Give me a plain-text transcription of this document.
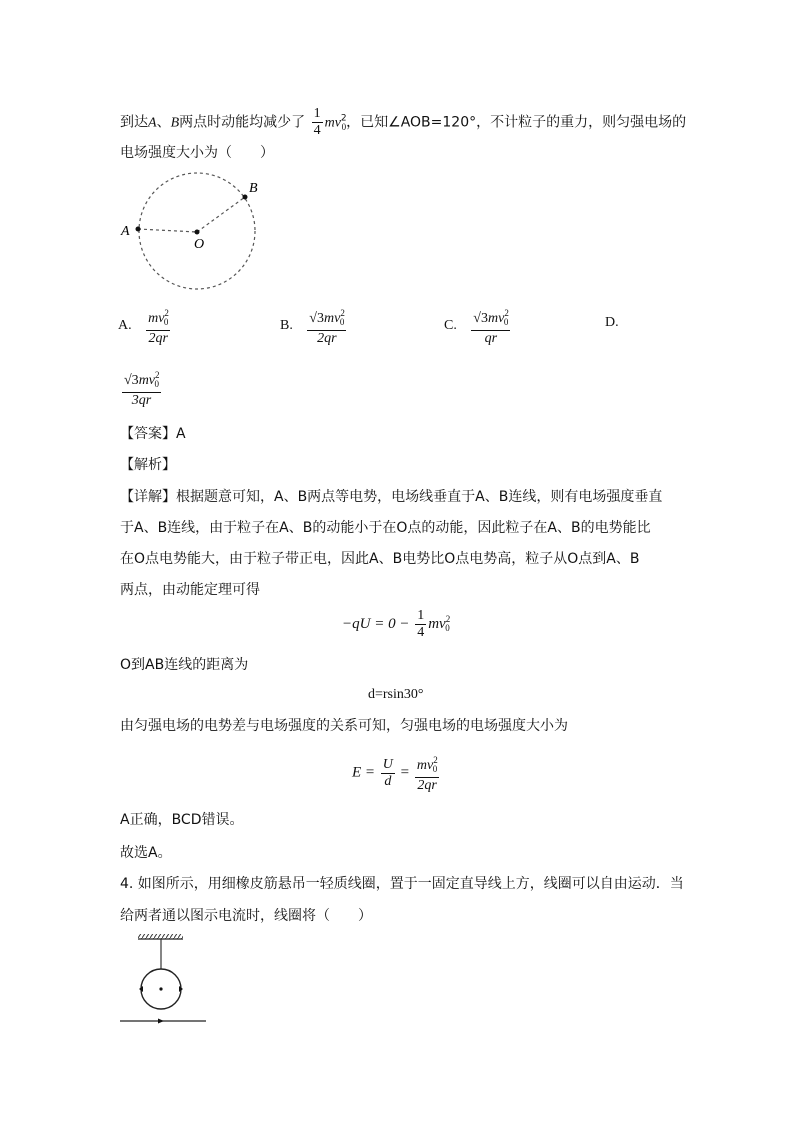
到达A、B两点时动能均减少了 $\frac{1}{4} mv^2_0$，已知∠AOB=120°，不计粒子的重力，则匀强电场的
电场强度大小为（　　）
A
O
B
A. $\frac{mv^2_0}{2qr}$	B. $\frac{√3mv^2_0}{2qr}$	C. $\frac{√3mv^2_0}{qr}$	D.
$\frac{√3mv^2_0}{3qr}$
【答案】A
【解析】
【详解】根据题意可知，A、B两点等电势，电场线垂直于A、B连线，则有电场强度垂直
于A、B连线，由于粒子在A、B的动能小于在O点的动能，因此粒子在A、B的电势能比
在O点电势能大，由于粒子带正电，因此A、B电势比O点电势高，粒子从O点到A、B
两点，由动能定理可得
$-qU = 0 - \frac{1}{4} mv^2_0$
O到AB连线的距离为
d=rsin30°
由匀强电场的电势差与电场强度的关系可知，匀强电场的电场强度大小为
$E = \frac{U}{d} = \frac{mv^2_0}{2qr}$
A正确，BCD错误。
故选A。
4. 如图所示，用细橡皮筋悬吊一轻质线圈，置于一固定直导线上方，线圈可以自由运动．当
给两者通以图示电流时，线圈将（　　）
